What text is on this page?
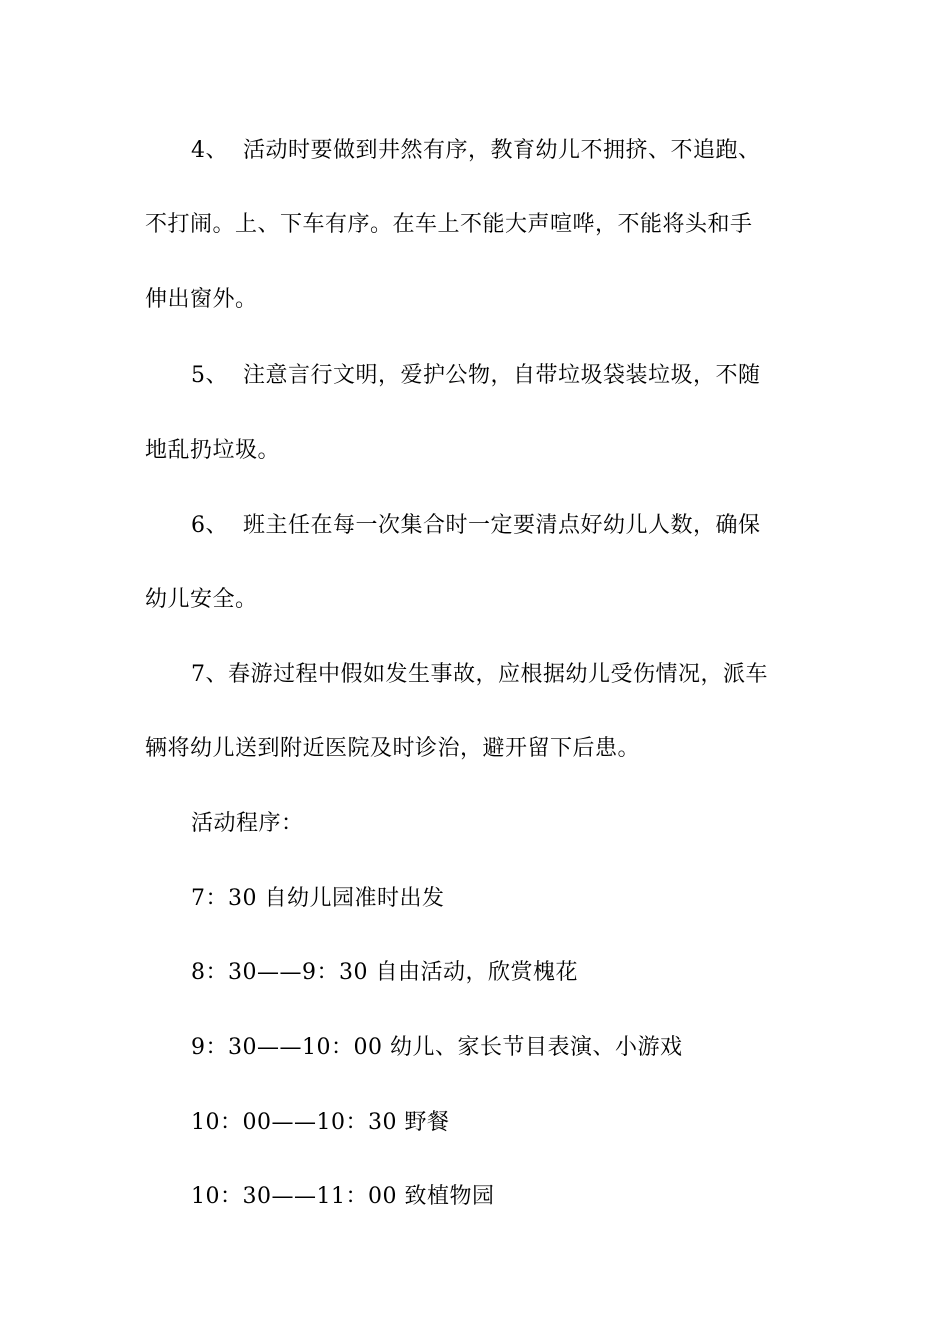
4、 活动时要做到井然有序，教育幼儿不拥挤、不追跑、
不打闹。上、下车有序。在车上不能大声喧哗，不能将头和手
伸出窗外。
5、 注意言行文明，爱护公物，自带垃圾袋装垃圾，不随
地乱扔垃圾。
6、 班主任在每一次集合时一定要清点好幼儿人数，确保
幼儿安全。
7、春游过程中假如发生事故，应根据幼儿受伤情况，派车
辆将幼儿送到附近医院及时诊治，避开留下后患。
活动程序：
7：30 自幼儿园准时出发
8：30——9：30 自由活动，欣赏槐花
9：30——10：00 幼儿、家长节目表演、小游戏
10：00——10：30 野餐
10：30——11：00 致植物园
